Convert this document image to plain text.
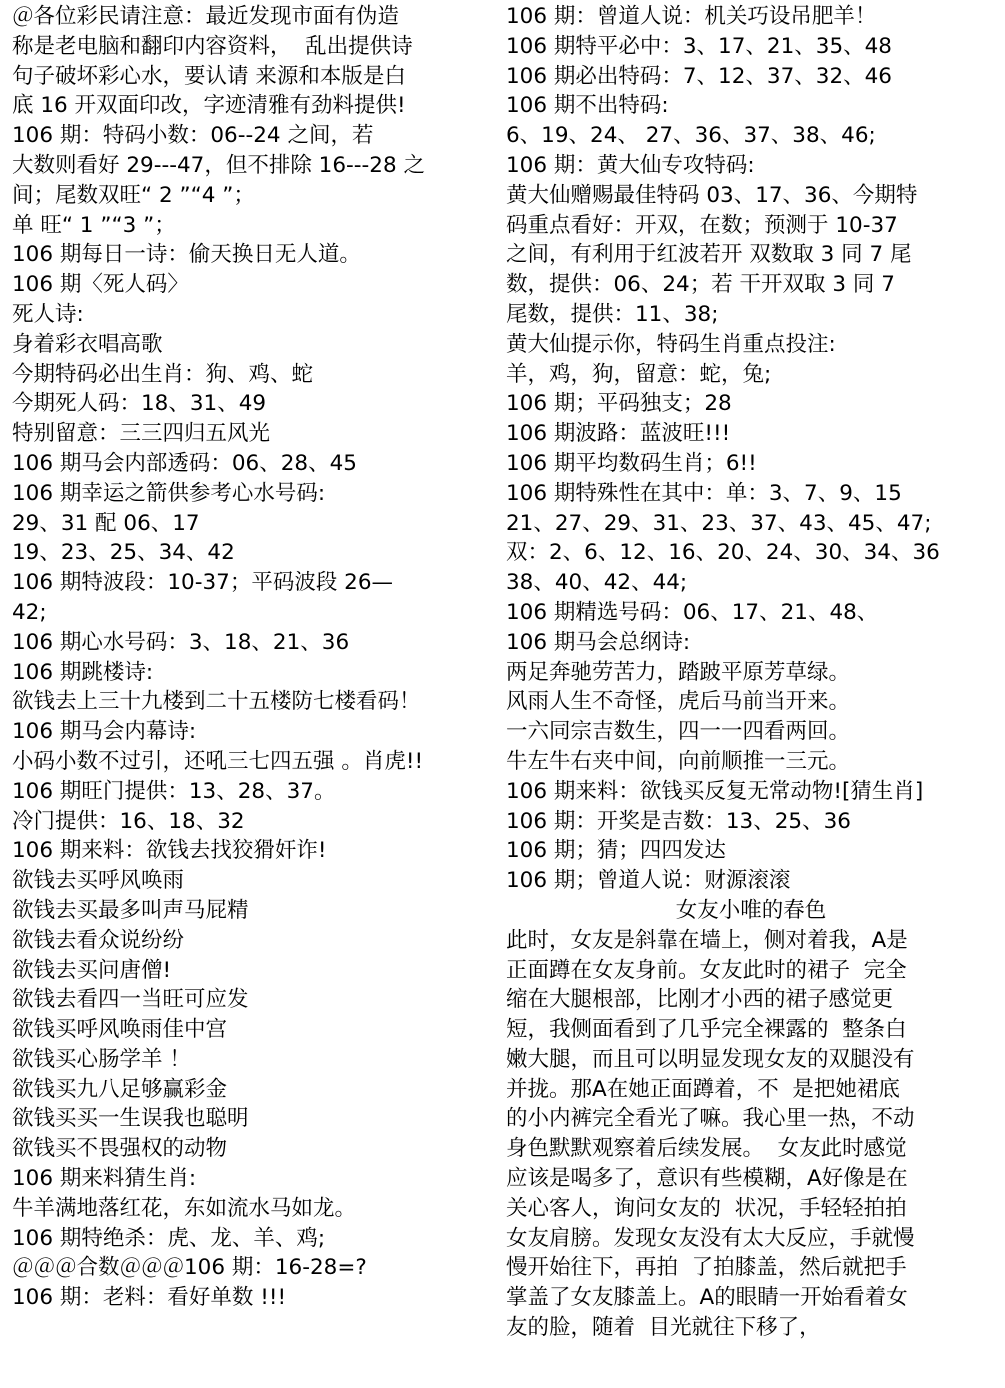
＠各位彩民请注意：最近发现市面有伪造
称是老电脑和翻印内容资料，  乱出提供诗
句子破坏彩心水，要认请 来源和本版是白
底 16 开双面印改，字迹清雅有劲料提供!
106 期：特码小数：06--24 之间，若
大数则看好 29---47，但不排除 16---28 之
间；尾数双旺“ 2 ”“4 ”；
单 旺“ 1 ”“3 ”；
106 期每日一诗：偷天换日无人道。
106 期〈死人码〉
死人诗:
身着彩衣唱高歌
今期特码必出生肖：狗、鸡、蛇
今期死人码：18、31、49
特别留意：三三四归五风光
106 期马会内部透码：06、28、45
106 期幸运之箭供参考心水号码:
29、31 配 06、17
19、23、25、34、42
106 期特波段：10-37；平码波段 26—
42;
106 期心水号码：3、18、21、36
106 期跳楼诗:
欲钱去上三十九楼到二十五楼防七楼看码！
106 期马会内幕诗:
小码小数不过引，还吼三七四五强 。肖虎!!
106 期旺门提供：13、28、37。
冷门提供：16、18、32
106 期来料：欲钱去找狡猾奸诈!
欲钱去买呼风唤雨
欲钱去买最多叫声马屁精
欲钱去看众说纷纷
欲钱去买问唐僧!
欲钱去看四一当旺可应发
欲钱买呼风唤雨佳中宫
欲钱买心肠学羊 ！
欲钱买九八足够赢彩金
欲钱买买一生误我也聪明
欲钱买不畏强权的动物
106 期来料猜生肖:
牛羊满地落红花，东如流水马如龙。
106 期特绝杀：虎、龙、羊、鸡;
＠＠＠合数＠＠＠106 期：16-28=?
106 期：老料：看好单数 !!!
106 期：曾道人说：机关巧设吊肥羊！
106 期特平必中：3、17、21、35、48
106 期必出特码：7、12、37、32、46
106 期不出特码:
6、19、24、 27、36、37、38、46;
106 期：黄大仙专攻特码:
黄大仙赠赐最佳特码 03、17、36、今期特
码重点看好：开双，在数；预测于 10-37
之间，有利用于红波若开 双数取 3 同 7 尾
数，提供：06、24；若 干开双取 3 同 7
尾数，提供：11、38;
黄大仙提示你，特码生肖重点投注:
羊，鸡，狗，留意：蛇，兔;
106 期；平码独支；28
106 期波路：蓝波旺!!!
106 期平均数码生肖；6!!
106 期特殊性在其中：单：3、7、9、15
21、27、29、31、23、37、43、45、47;
双：2、6、12、16、20、24、30、34、36
38、40、42、44;
106 期精选号码：06、17、21、48、
106 期马会总纲诗:
两足奔驰劳苦力，踏跛平原芳草绿。
风雨人生不奇怪，虎后马前当开来。
一六同宗吉数生，四一一四看两回。
牛左牛右夹中间，向前顺推一三元。
106 期来料：欲钱买反复无常动物![猜生肖]
106 期：开奖是吉数：13、25、36
106 期；猜；四四发达
106 期；曾道人说：财源滚滚
女友小唯的春色
此时，女友是斜靠在墙上，侧对着我，A是
正面蹲在女友身前。女友此时的裙子  完全
缩在大腿根部，比刚才小西的裙子感觉更
短，我侧面看到了几乎完全裸露的  整条白
嫩大腿，而且可以明显发现女友的双腿没有
并拢。那A在她正面蹲着，不  是把她裙底
的小内裤完全看光了嘛。我心里一热，不动
身色默默观察着后续发展。  女友此时感觉
应该是喝多了，意识有些模糊，A好像是在
关心客人，询问女友的  状况，手轻轻拍拍
女友肩膀。发现女友没有太大反应，手就慢
慢开始往下，再拍  了拍膝盖，然后就把手
掌盖了女友膝盖上。A的眼睛一开始看着女
友的脸，随着  目光就往下移了，
